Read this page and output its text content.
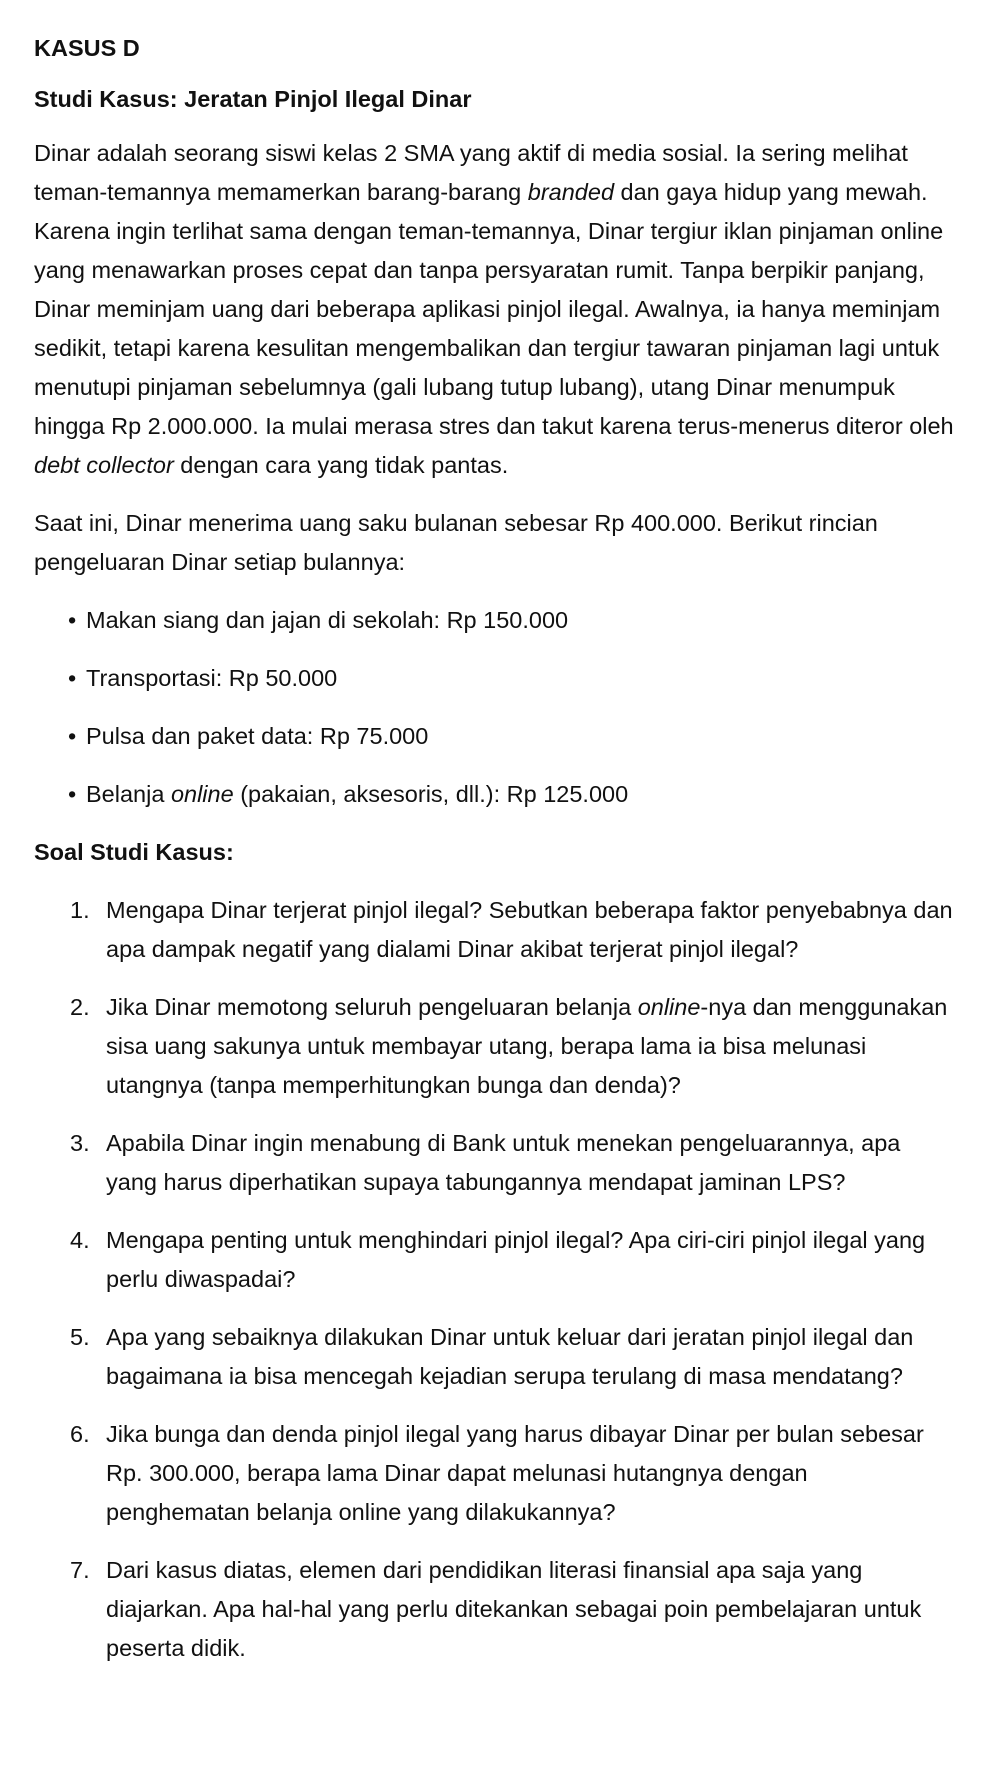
KASUS D
Studi Kasus: Jeratan Pinjol Ilegal Dinar

Dinar adalah seorang siswi kelas 2 SMA yang aktif di media sosial. Ia sering melihat teman-temannya memamerkan barang-barang branded dan gaya hidup yang mewah. Karena ingin terlihat sama dengan teman-temannya, Dinar tergiur iklan pinjaman online yang menawarkan proses cepat dan tanpa persyaratan rumit. Tanpa berpikir panjang, Dinar meminjam uang dari beberapa aplikasi pinjol ilegal. Awalnya, ia hanya meminjam sedikit, tetapi karena kesulitan mengembalikan dan tergiur tawaran pinjaman lagi untuk menutupi pinjaman sebelumnya (gali lubang tutup lubang), utang Dinar menumpuk hingga Rp 2.000.000. Ia mulai merasa stres dan takut karena terus-menerus diteror oleh debt collector dengan cara yang tidak pantas.

Saat ini, Dinar menerima uang saku bulanan sebesar Rp 400.000. Berikut rincian pengeluaran Dinar setiap bulannya:

• Makan siang dan jajan di sekolah: Rp 150.000
• Transportasi: Rp 50.000
• Pulsa dan paket data: Rp 75.000
• Belanja online (pakaian, aksesoris, dll.): Rp 125.000
Soal Studi Kasus:
1. Mengapa Dinar terjerat pinjol ilegal? Sebutkan beberapa faktor penyebabnya dan apa dampak negatif yang dialami Dinar akibat terjerat pinjol ilegal?
2. Jika Dinar memotong seluruh pengeluaran belanja online-nya dan menggunakan sisa uang sakunya untuk membayar utang, berapa lama ia bisa melunasi utangnya (tanpa memperhitungkan bunga dan denda)?
3. Apabila Dinar ingin menabung di Bank untuk menekan pengeluarannya, apa yang harus diperhatikan supaya tabungannya mendapat jaminan LPS?
4. Mengapa penting untuk menghindari pinjol ilegal? Apa ciri-ciri pinjol ilegal yang perlu diwaspadai?
5. Apa yang sebaiknya dilakukan Dinar untuk keluar dari jeratan pinjol ilegal dan bagaimana ia bisa mencegah kejadian serupa terulang di masa mendatang?
6. Jika bunga dan denda pinjol ilegal yang harus dibayar Dinar per bulan sebesar Rp. 300.000, berapa lama Dinar dapat melunasi hutangnya dengan penghematan belanja online yang dilakukannya?
7. Dari kasus diatas, elemen dari pendidikan literasi finansial apa saja yang diajarkan. Apa hal-hal yang perlu ditekankan sebagai poin pembelajaran untuk peserta didik.
